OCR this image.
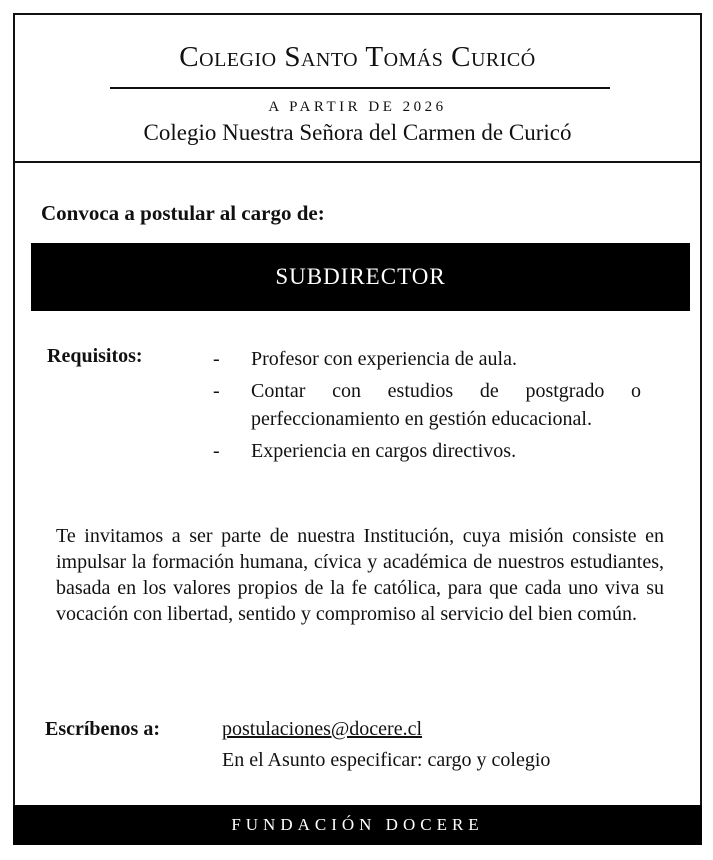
Colegio Santo Tomás Curicó
A PARTIR DE 2026
Colegio Nuestra Señora del Carmen de Curicó
Convoca a postular al cargo de:
SUBDIRECTOR
Requisitos:	-	Profesor con experiencia de aula.
-	Contar con estudios de postgrado o perfeccionamiento en gestión educacional.
-	Experiencia en cargos directivos.

Te invitamos a ser parte de nuestra Institución, cuya misión consiste en impulsar la formación humana, cívica y académica de nuestros estudiantes, basada en los valores propios de la fe católica, para que cada uno viva su vocación con libertad, sentido y compromiso al servicio del bien común.

Escríbenos a:	postulaciones@docere.cl
En el Asunto especificar: cargo y colegio
FUNDACIÓN DOCERE
